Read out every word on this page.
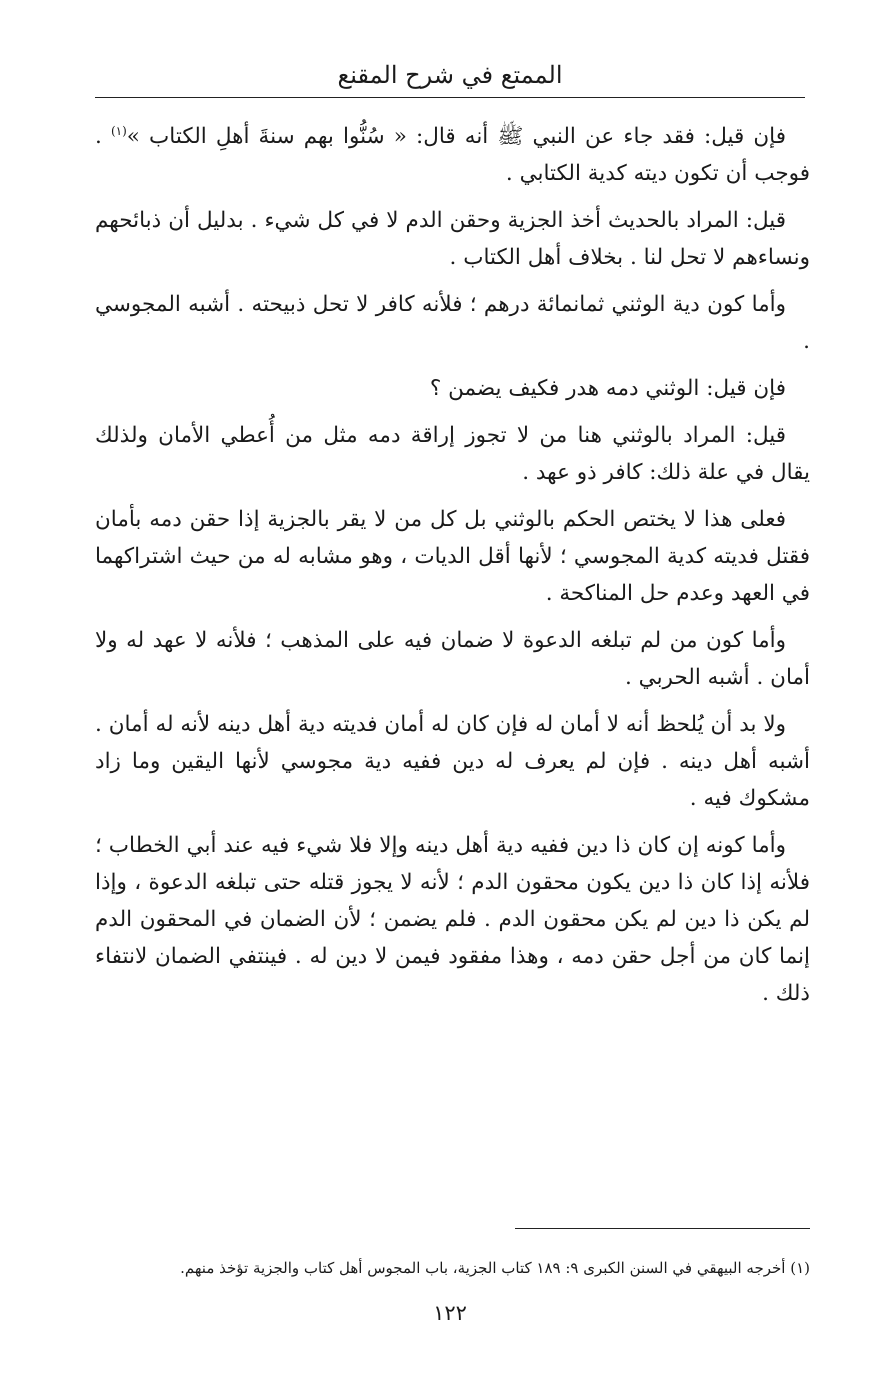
الممتع في شرح المقنع

فإن قيل: فقد جاء عن النبي ﷺ أنه قال: « سُنُّوا بهم سنةَ أهلِ الكتاب »$^{(١)}$ . فوجب أن تكون ديته كدية الكتابي .

قيل: المراد بالحديث أخذ الجزية وحقن الدم لا في كل شيء . بدليل أن ذبائحهم ونساءهم لا تحل لنا . بخلاف أهل الكتاب .

وأما كون دية الوثني ثمانمائة درهم ؛ فلأنه كافر لا تحل ذبيحته . أشبه المجوسي .

فإن قيل: الوثني دمه هدر فكيف يضمن ؟

قيل: المراد بالوثني هنا من لا تجوز إراقة دمه مثل من أُعطي الأمان ولذلك يقال في علة ذلك: كافر ذو عهد .

فعلى هذا لا يختص الحكم بالوثني بل كل من لا يقر بالجزية إذا حقن دمه بأمان فقتل فديته كدية المجوسي ؛ لأنها أقل الديات ، وهو مشابه له من حيث اشتراكهما في العهد وعدم حل المناكحة .

وأما كون من لم تبلغه الدعوة لا ضمان فيه على المذهب ؛ فلأنه لا عهد له ولا أمان . أشبه الحربي .

ولا بد أن يُلحظ أنه لا أمان له فإن كان له أمان فديته دية أهل دينه لأنه له أمان . أشبه أهل دينه . فإن لم يعرف له دين ففيه دية مجوسي لأنها اليقين وما زاد مشكوك فيه .

وأما كونه إن كان ذا دين ففيه دية أهل دينه وإلا فلا شيء فيه عند أبي الخطاب ؛ فلأنه إذا كان ذا دين يكون محقون الدم ؛ لأنه لا يجوز قتله حتى تبلغه الدعوة ، وإذا لم يكن ذا دين لم يكن محقون الدم . فلم يضمن ؛ لأن الضمان في المحقون الدم إنما كان من أجل حقن دمه ، وهذا مفقود فيمن لا دين له . فينتفي الضمان لانتفاء ذلك .

(١) أخرجه البيهقي في السنن الكبرى ٩: ١٨٩ كتاب الجزية، باب المجوس أهل كتاب والجزية تؤخذ منهم.
١٢٢
